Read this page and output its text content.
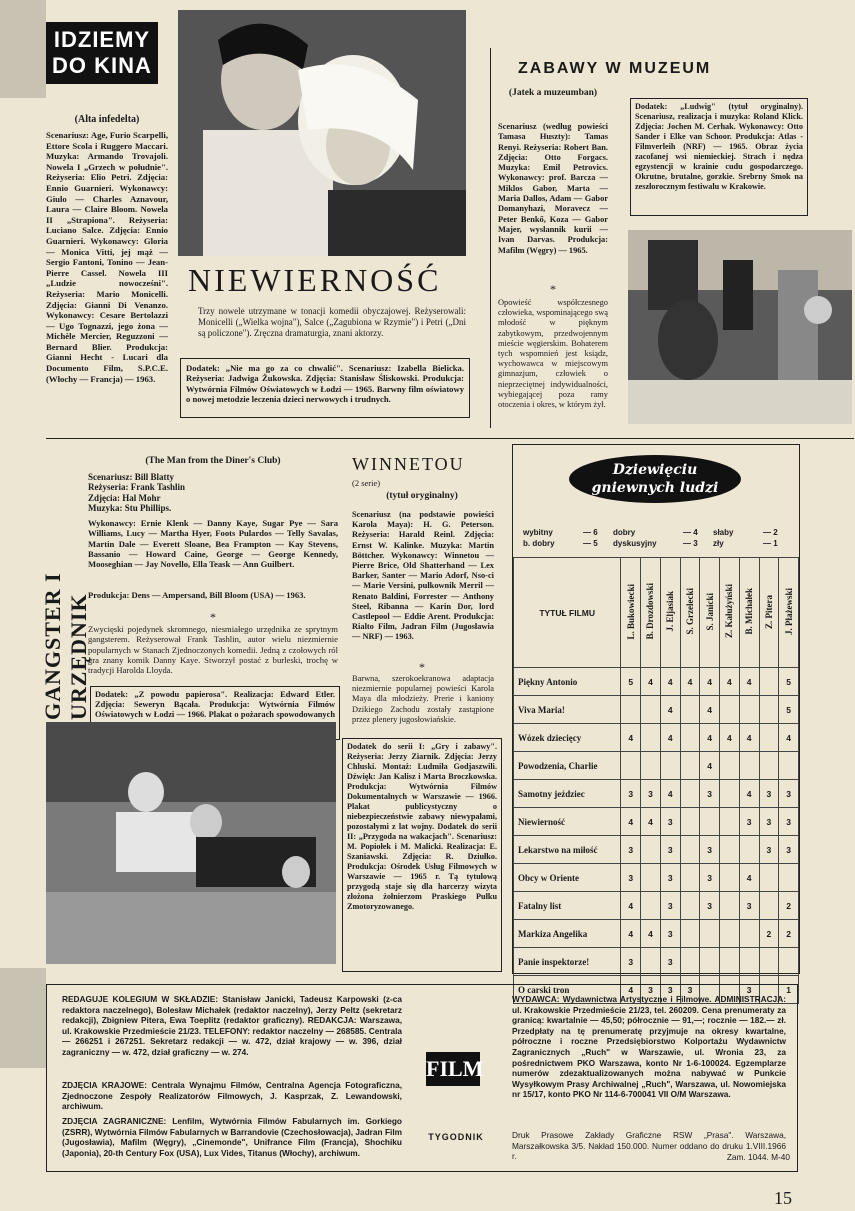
IDZIEMY
DO KINA
(Alta infedelta)
Scenariusz: Age, Furio Scarpelli, Ettore Scola i Ruggero Maccari. Muzyka: Armando Trovajoli. Nowela I „Grzech w południe". Reżyseria: Elio Petri. Zdjęcia: Ennio Guarnieri. Wykonawcy: Giulo — Charles Aznavour, Laura — Claire Bloom. Nowela II „Strapiona". Reżyseria: Luciano Salce. Zdjęcia: Ennio Guarnieri. Wykonawcy: Gloria — Monica Vitti, jej mąż — Sergio Fantoni, Tonino — Jean-Pierre Cassel. Nowela III „Ludzie nowocześni". Reżyseria: Mario Monicelli. Zdjęcia: Gianni Di Venanzo. Wykonawcy: Cesare Bertolazzi — Ugo Tognazzi, jego żona — Michèle Mercier, Reguzzoni — Bernard Blier. Produkcja: Gianni Hecht - Lucari dla Documento Film, S.P.C.E. (Włochy — Francja) — 1963.
NIEWIERNOŚĆ
Trzy nowele utrzymane w tonacji komedii obyczajowej. Reżyserowali: Monicelli („Wielka wojna"), Salce („Zagubiona w Rzymie") i Petri („Dni są policzone"). Zręczna dramaturgia, znani aktorzy.
Dodatek: „Nie ma go za co chwalić". Scenariusz: Izabella Bielicka. Reżyseria: Jadwiga Żukowska. Zdjęcia: Stanisław Śliskowski. Produkcja: Wytwórnia Filmów Oświatowych w Łodzi — 1965. Barwny film oświatowy o nowej metodzie leczenia dzieci nerwowych i trudnych.
ZABAWY W MUZEUM
(Jatek a muzeumban)
Scenariusz (według powieści Tamasa Huszty): Tamas Renyi. Reżyseria: Robert Ban. Zdjęcia: Otto Forgacs. Muzyka: Emil Petrovics. Wykonawcy: prof. Barcza — Miklos Gabor, Marta — Maria Dallos, Adam — Gabor Domanyhazi, Moravecz — Peter Benkő, Koza — Gabor Majer, wysłannik kurii — Ivan Darvas. Produkcja: Mafilm (Węgry) — 1965.
*
Opowieść współczesnego człowieka, wspominającego swą młodość w pięknym zabytkowym, przedwojennym mieście węgierskim. Bohaterem tych wspomnień jest ksiądz, wychowawca w miejscowym gimnazjum, człowiek o nieprzeciętnej indywidualności, wybiegającej poza ramy otoczenia i okres, w którym żył.
Dodatek: „Ludwig" (tytuł oryginalny). Scenariusz, realizacja i muzyka: Roland Klick. Zdjęcia: Jochen M. Cerhak. Wykonawcy: Otto Sander i Elke van Schoor. Produkcja: Atlas - Filmverleih (NRF) — 1965. Obraz życia zacofanej wsi niemieckiej. Strach i nędza egzystencji w krainie cudu gospodarczego. Okrutne, brutalne, gorzkie. Srebrny Smok na zeszłorocznym festiwalu w Krakowie.
GANGSTER I URZĘDNIK
(The Man from the Diner's Club)
Scenariusz: Bill Blatty
Reżyseria: Frank Tashlin
Zdjęcia: Hal Mohr
Muzyka: Stu Phillips.
Wykonawcy: Ernie Klenk — Danny Kaye, Sugar Pye — Sara Williams, Lucy — Martha Hyer, Foots Pulardos — Telly Savalas, Martin Dale — Everett Sloane, Bea Frampton — Kay Stevens, Bassanio — Howard Caine, George — George Kennedy, Mooseghian — Jay Novello, Ella Teask — Ann Guilbert.
Produkcja: Dens — Ampersand, Bill Bloom (USA) — 1963.
*
Zwycięski pojedynek skromnego, niesmiałego urzędnika ze sprytnym gangsterem. Reżyserował Frank Tashlin, autor wielu niezmiernie popularnych w Stanach Zjednoczonych komedii. Jedną z czołowych ról gra znany komik Danny Kaye. Stworzył postać z burleski, trochę w tradycji Harolda Lloyda.
Dodatek: „Z powodu papierosa". Realizacja: Edward Etler. Zdjęcia: Seweryn Bącała. Produkcja: Wytwórnia Filmów Oświatowych w Łodzi — 1966. Plakat o pożarach spowodowanych
WINNETOU
(2 serie)
(tytuł oryginalny)
Scenariusz (na podstawie powieści Karola Maya): H. G. Peterson. Reżyseria: Harald Reinl. Zdjęcia: Ernst W. Kalinke. Muzyka: Martin Böttcher. Wykonawcy: Winnetou — Pierre Brice, Old Shatterhand — Lex Barker, Santer — Mario Adorf, Nso-ci — Marie Versini, pułkownik Merril — Renato Baldini, Forrester — Anthony Steel, Ribanna — Karin Dor, lord Castlepool — Eddie Arent. Produkcja: Rialto Film, Jadran Film (Jugosławia — NRF) — 1963.
*
Barwna, szerokoekranowa adaptacja niezmiernie popularnej powieści Karola Maya dla młodzieży. Prerie i kaniony Dzikiego Zachodu zostały zastąpione przez plenery jugosłowiańskie.
Dodatek do serii I: „Gry i zabawy". Reżyseria: Jerzy Ziarnik. Zdjęcia: Jerzy Chluski. Montaż: Ludmiła Godjaszwili. Dźwięk: Jan Kalisz i Marta Broczkowska. Produkcja: Wytwórnia Filmów Dokumentalnych w Warszawie — 1966. Plakat publicystyczny o niebezpieczeństwie zabawy niewypałami, pozostałymi z lat wojny. Dodatek do serii II: „Przygoda na wakacjach". Scenariusz: M. Popiołek i M. Malicki. Realizacja: E. Szaniawski. Zdjęcia: R. Dziułko. Produkcja: Ośrodek Usług Filmowych w Warszawie — 1965 r. Tą tytułową przygodą staje się dla harcerzy wizyta złożona żołnierzom Praskiego Pułku Zmotoryzowanego.
Dziewięciu
gniewnych ludzi
wybitny	— 6	dobry	— 4	słaby	— 2
b. dobry	— 5	dyskusyjny	— 3	zły	— 1
TYTUŁ FILMU	L. Bukowiecki	B. Drozdowski	J. Eljasiak	S. Grzelecki	S. Janicki	Z. Kałużyński	B. Michałek	Z. Pitera	J. Płażewski
Piękny Antonio	5	4	4	4	4	4	4		5
Viva Maria!			4		4				5
Wózek dziecięcy	4		4		4	4	4		4
Powodzenia, Charlie					4				
Samotny jeździec	3	3	4		3		4	3	3
Niewierność	4	4	3				3	3	3
Lekarstwo na miłość	3		3		3			3	3
Obcy w Oriente	3		3		3		4		
Fatalny list	4		3		3		3		2
Markiza Angelika	4	4	3					2	2
Panie inspektorze!	3		3						
O carski tron	4	3	3	3			3		1
REDAGUJE KOLEGIUM W SKŁADZIE: Stanisław Janicki, Tadeusz Karpowski (z-ca redaktora naczelnego), Bolesław Michałek (redaktor naczelny), Jerzy Peltz (sekretarz redakcji), Zbigniew Pitera, Ewa Toeplitz (redaktor graficzny). REDAKCJA: Warszawa, ul. Krakowskie Przedmieście 21/23. TELEFONY: redaktor naczelny — 268585. Centrala — 266251 i 267251. Sekretarz redakcji — w. 472, dział krajowy — w. 396, dział zagraniczny — w. 472, dział graficzny — w. 274.
ZDJĘCIA KRAJOWE: Centrala Wynajmu Filmów, Centralna Agencja Fotograficzna, Zjednoczone Zespoły Realizatorów Filmowych, J. Kasprzak, Z. Lewandowski, archiwum.
ZDJĘCIA ZAGRANICZNE: Lenfilm, Wytwórnia Filmów Fabularnych im. Gorkiego (ZSRR), Wytwórnia Filmów Fabularnych w Barrandovie (Czechosłowacja), Jadran Film (Jugosławia), Mafilm (Węgry), „Cinemonde", Unifrance Film (Francja), Shochiku (Japonia), 20-th Century Fox (USA), Lux Vides, Titanus (Włochy), archiwum.
FILM
TYGODNIK
WYDAWCA: Wydawnictwa Artystyczne i Filmowe. ADMINISTRACJA: ul. Krakowskie Przedmieście 21/23, tel. 260209. Cena prenumeraty za granicą: kwartalnie — 45,50; półrocznie — 91,—; rocznie — 182.— zł. Przedpłaty na tę prenumeratę przyjmuje na okresy kwartalne, półroczne i roczne Przedsiębiorstwo Kolportażu Wydawnictw Zagranicznych „Ruch" w Warszawie, ul. Wronia 23, za pośrednictwem PKO Warszawa, konto Nr 1-6-100024. Egzemplarze numerów zdezaktualizowanych można nabywać w Punkcie Wysyłkowym Prasy Archiwalnej „Ruch", Warszawa, ul. Nowomiejska nr 15/17, konto PKO Nr 114-6-700041 VII O/M Warszawa.
Druk Prasowe Zakłady Graficzne RSW „Prasa". Warszawa, Marszałkowska 3/5. Nakład 150.000. Numer oddano do druku 1.VIII.1966 r.	Zam. 1044. M-40
15
